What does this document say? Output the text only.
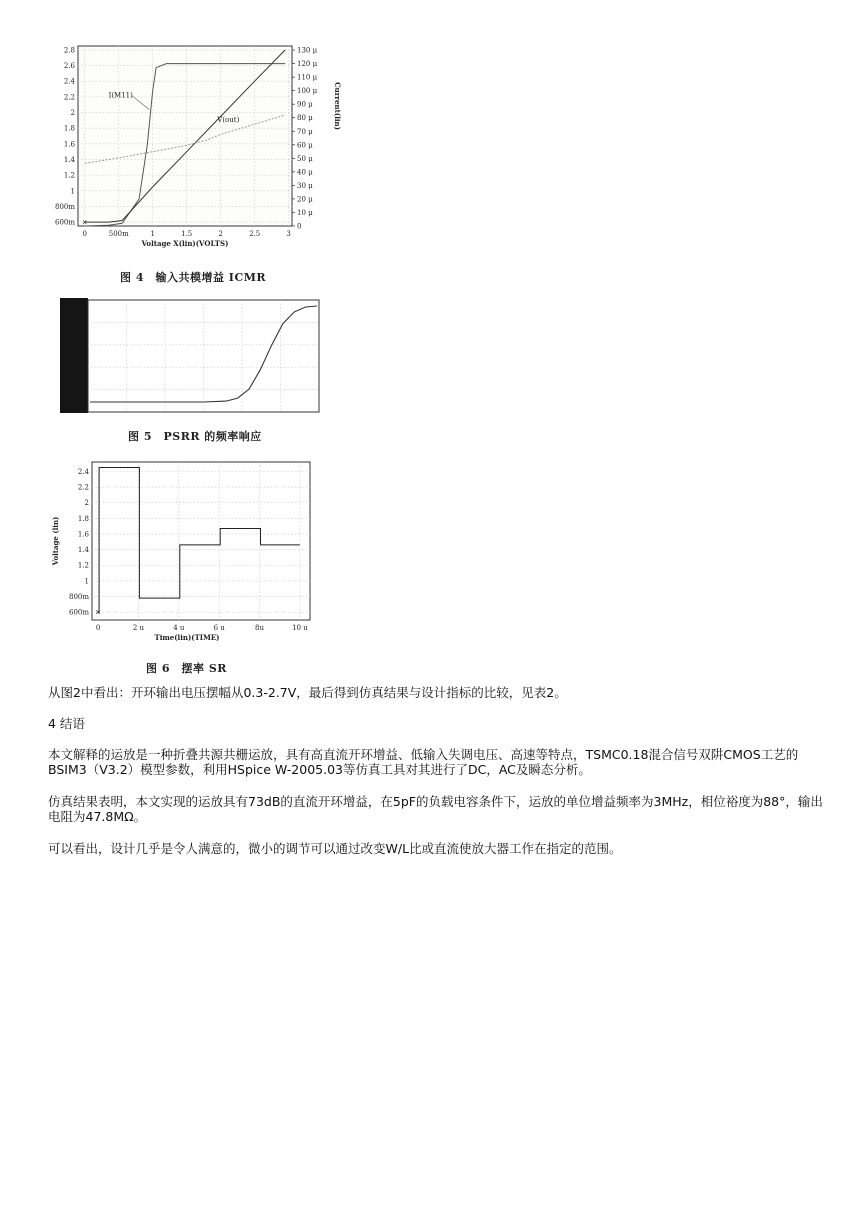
0	500m	1	1.5	2	2.5	3
2.8
2.6
2.4
2.2
2
1.8
1.6
1.4
1.2
1
800m
600m
130 μ
120 μ
110 μ
100 μ
90 μ
80 μ
70 μ
60 μ
50 μ
40 μ
30 μ
20 μ
10 μ
0
Voltage X(lin)(VOLTS)
Current(lin)
I(M11)
V(out)
×
图 4　输入共模增益 ICMR
图 5　PSRR 的频率响应
0	2 u	4 u	6 u	8u	10 u
2.4
2.2
2
1.8
1.6
1.4
1.2
1
800m
600m
Time(lin)(TIME)
Voltage (lin)
×
图 6　摆率 SR

从图2中看出：开环输出电压摆幅从0.3-2.7V，最后得到仿真结果与设计指标的比较，见表2。

4 结语

本文解释的运放是一种折叠共源共栅运放，具有高直流开环增益、低输入失调电压、高速等特点，TSMC0.18混合信号双阱CMOS工艺的BSIM3（V3.2）模型参数，利用HSpice W-2005.03等仿真工具对其进行了DC，AC及瞬态分析。

仿真结果表明，本文实现的运放具有73dB的直流开环增益，在5pF的负载电容条件下，运放的单位增益频率为3MHz，相位裕度为88°，输出电阻为47.8MΩ。

可以看出，设计几乎是令人满意的，微小的调节可以通过改变W/L比或直流使放大器工作在指定的范围。
